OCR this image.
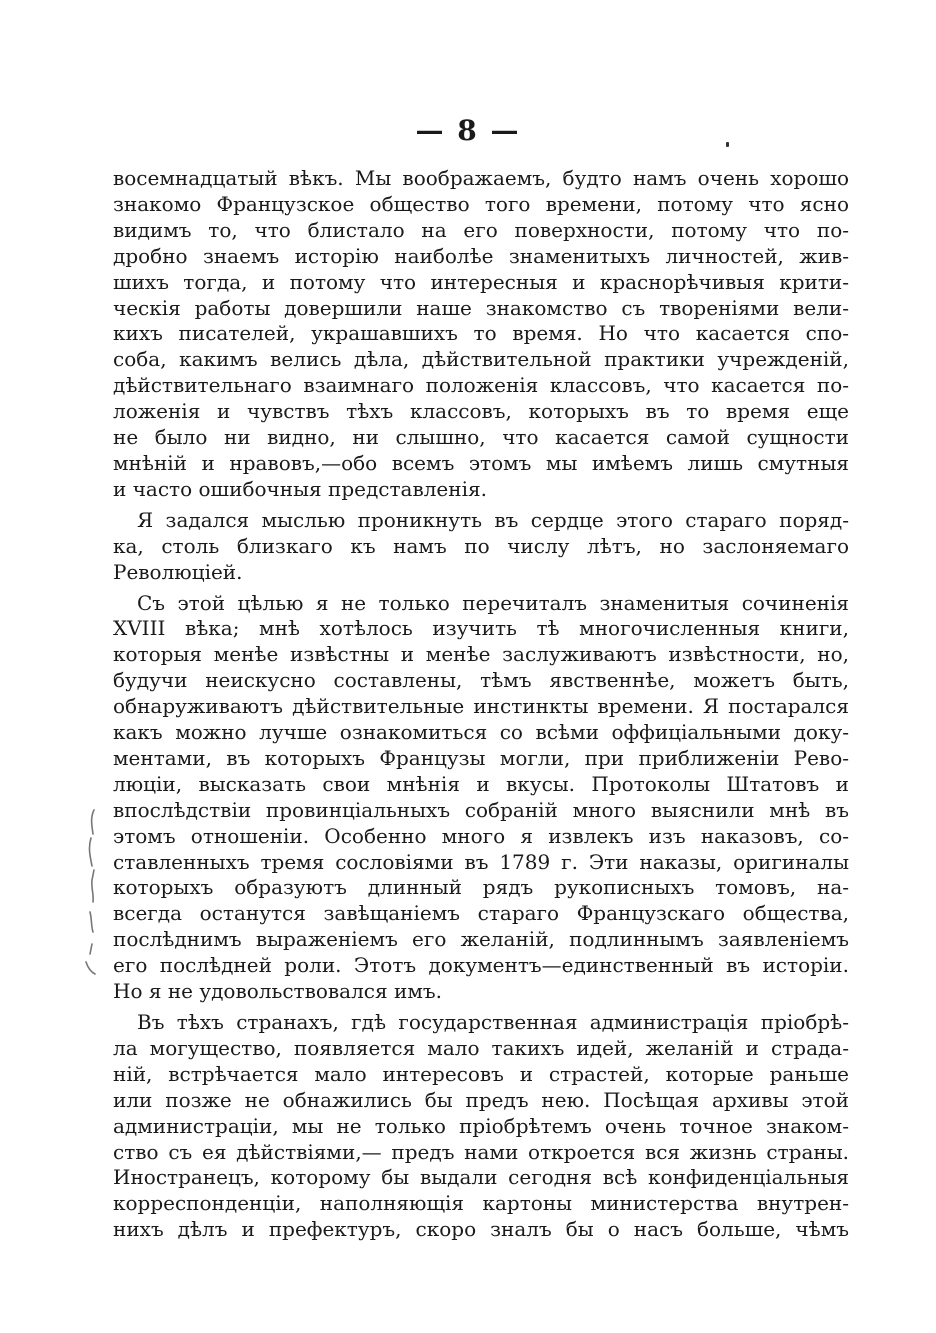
— 8 —
восемнадцатый вѣкъ. Мы воображаемъ, будто намъ очень хорошо
знакомо Французское общество того времени, потому что ясно
видимъ то, что блистало на его поверхности, потому что по-
дробно знаемъ исторію наиболѣе знаменитыхъ личностей, жив-
шихъ тогда, и потому что интересныя и краснорѣчивыя крити-
ческія работы довершили наше знакомство съ твореніями вели-
кихъ писателей, украшавшихъ то время. Но что касается спо-
соба, какимъ велись дѣла, дѣйствительной практики учрежденій,
дѣйствительнаго взаимнаго положенія классовъ, что касается по-
ложенія и чувствъ тѣхъ классовъ, которыхъ въ то время еще
не было ни видно, ни слышно, что касается самой сущности
мнѣній и нравовъ,—обо всемъ этомъ мы имѣемъ лишь смутныя
и часто ошибочныя представленія.
Я задался мыслью проникнуть въ сердце этого стараго поряд-
ка, столь близкаго къ намъ по числу лѣтъ, но заслоняемаго
Революціей.
Съ этой цѣлью я не только перечиталъ знаменитыя сочиненія
XVIII вѣка; мнѣ хотѣлось изучить тѣ многочисленныя книги,
которыя менѣе извѣстны и менѣе заслуживаютъ извѣстности, но,
будучи неискусно составлены, тѣмъ явственнѣе, можетъ быть,
обнаруживаютъ дѣйствительные инстинкты времени. Я постарался
какъ можно лучше ознакомиться со всѣми оффиціальными доку-
ментами, въ которыхъ Французы могли, при приближеніи Рево-
люціи, высказать свои мнѣнія и вкусы. Протоколы Штатовъ и
впослѣдствіи провинціальныхъ собраній много выяснили мнѣ въ
этомъ отношеніи. Особенно много я извлекъ изъ наказовъ, со-
ставленныхъ тремя сословіями въ 1789 г. Эти наказы, оригиналы
которыхъ образуютъ длинный рядъ рукописныхъ томовъ, на-
всегда останутся завѣщаніемъ стараго Французскаго общества,
послѣднимъ выраженіемъ его желаній, подлиннымъ заявленіемъ
его послѣдней роли. Этотъ документъ—единственный въ исторіи.
Но я не удовольствовался имъ.
Въ тѣхъ странахъ, гдѣ государственная администрація пріобрѣ-
ла могущество, появляется мало такихъ идей, желаній и страда-
ній, встрѣчается мало интересовъ и страстей, которые раньше
или позже не обнажились бы предъ нею. Посѣщая архивы этой
администраціи, мы не только пріобрѣтемъ очень точное знаком-
ство съ ея дѣйствіями,— предъ нами откроется вся жизнь страны.
Иностранецъ, которому бы выдали сегодня всѣ конфиденціальныя
корреспонденціи, наполняющія картоны министерства внутрен-
нихъ дѣлъ и префектуръ, скоро зналъ бы о насъ больше, чѣмъ
